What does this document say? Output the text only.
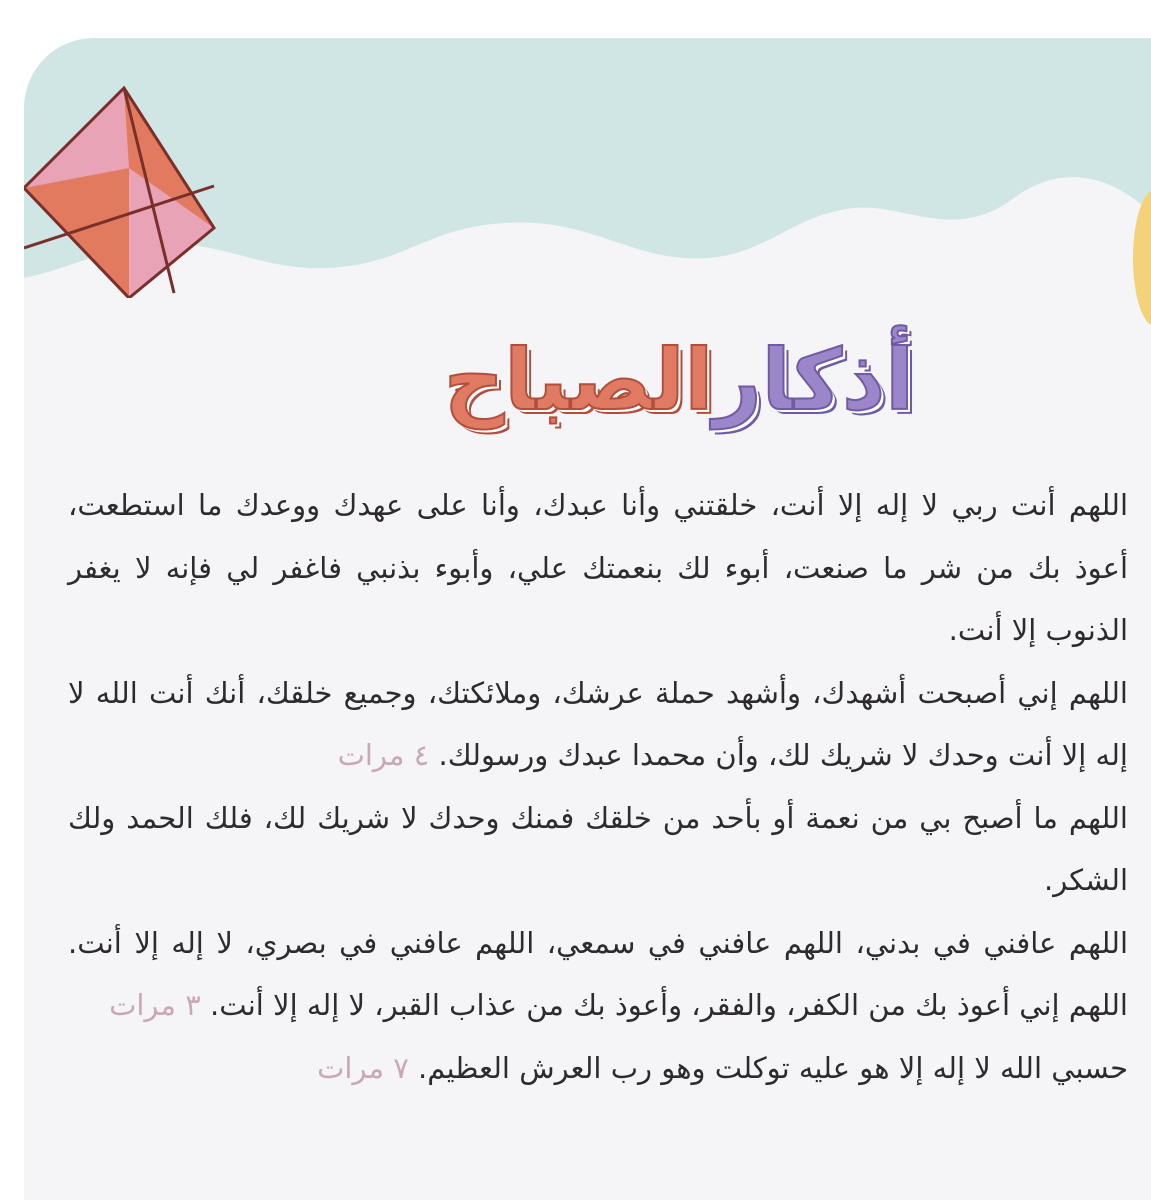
أذكارالصباح

اللهم أنت ربي لا إله إلا أنت، خلقتني وأنا عبدك، وأنا على عهدك ووعدك ما استطعت، أعوذ بك من شر ما صنعت، أبوء لك بنعمتك علي، وأبوء بذنبي فاغفر لي فإنه لا يغفر الذنوب إلا أنت.

اللهم إني أصبحت أشهدك، وأشهد حملة عرشك، وملائكتك، وجميع خلقك، أنك أنت الله لا إله إلا أنت وحدك لا شريك لك، وأن محمدا عبدك ورسولك. ٤ مرات

اللهم ما أصبح بي من نعمة أو بأحد من خلقك فمنك وحدك لا شريك لك، فلك الحمد ولك الشكر.

اللهم عافني في بدني، اللهم عافني في سمعي، اللهم عافني في بصري، لا إله إلا أنت. اللهم إني أعوذ بك من الكفر، والفقر، وأعوذ بك من عذاب القبر، لا إله إلا أنت. ٣ مرات

حسبي الله لا إله إلا هو عليه توكلت وهو رب العرش العظيم. ٧ مرات
